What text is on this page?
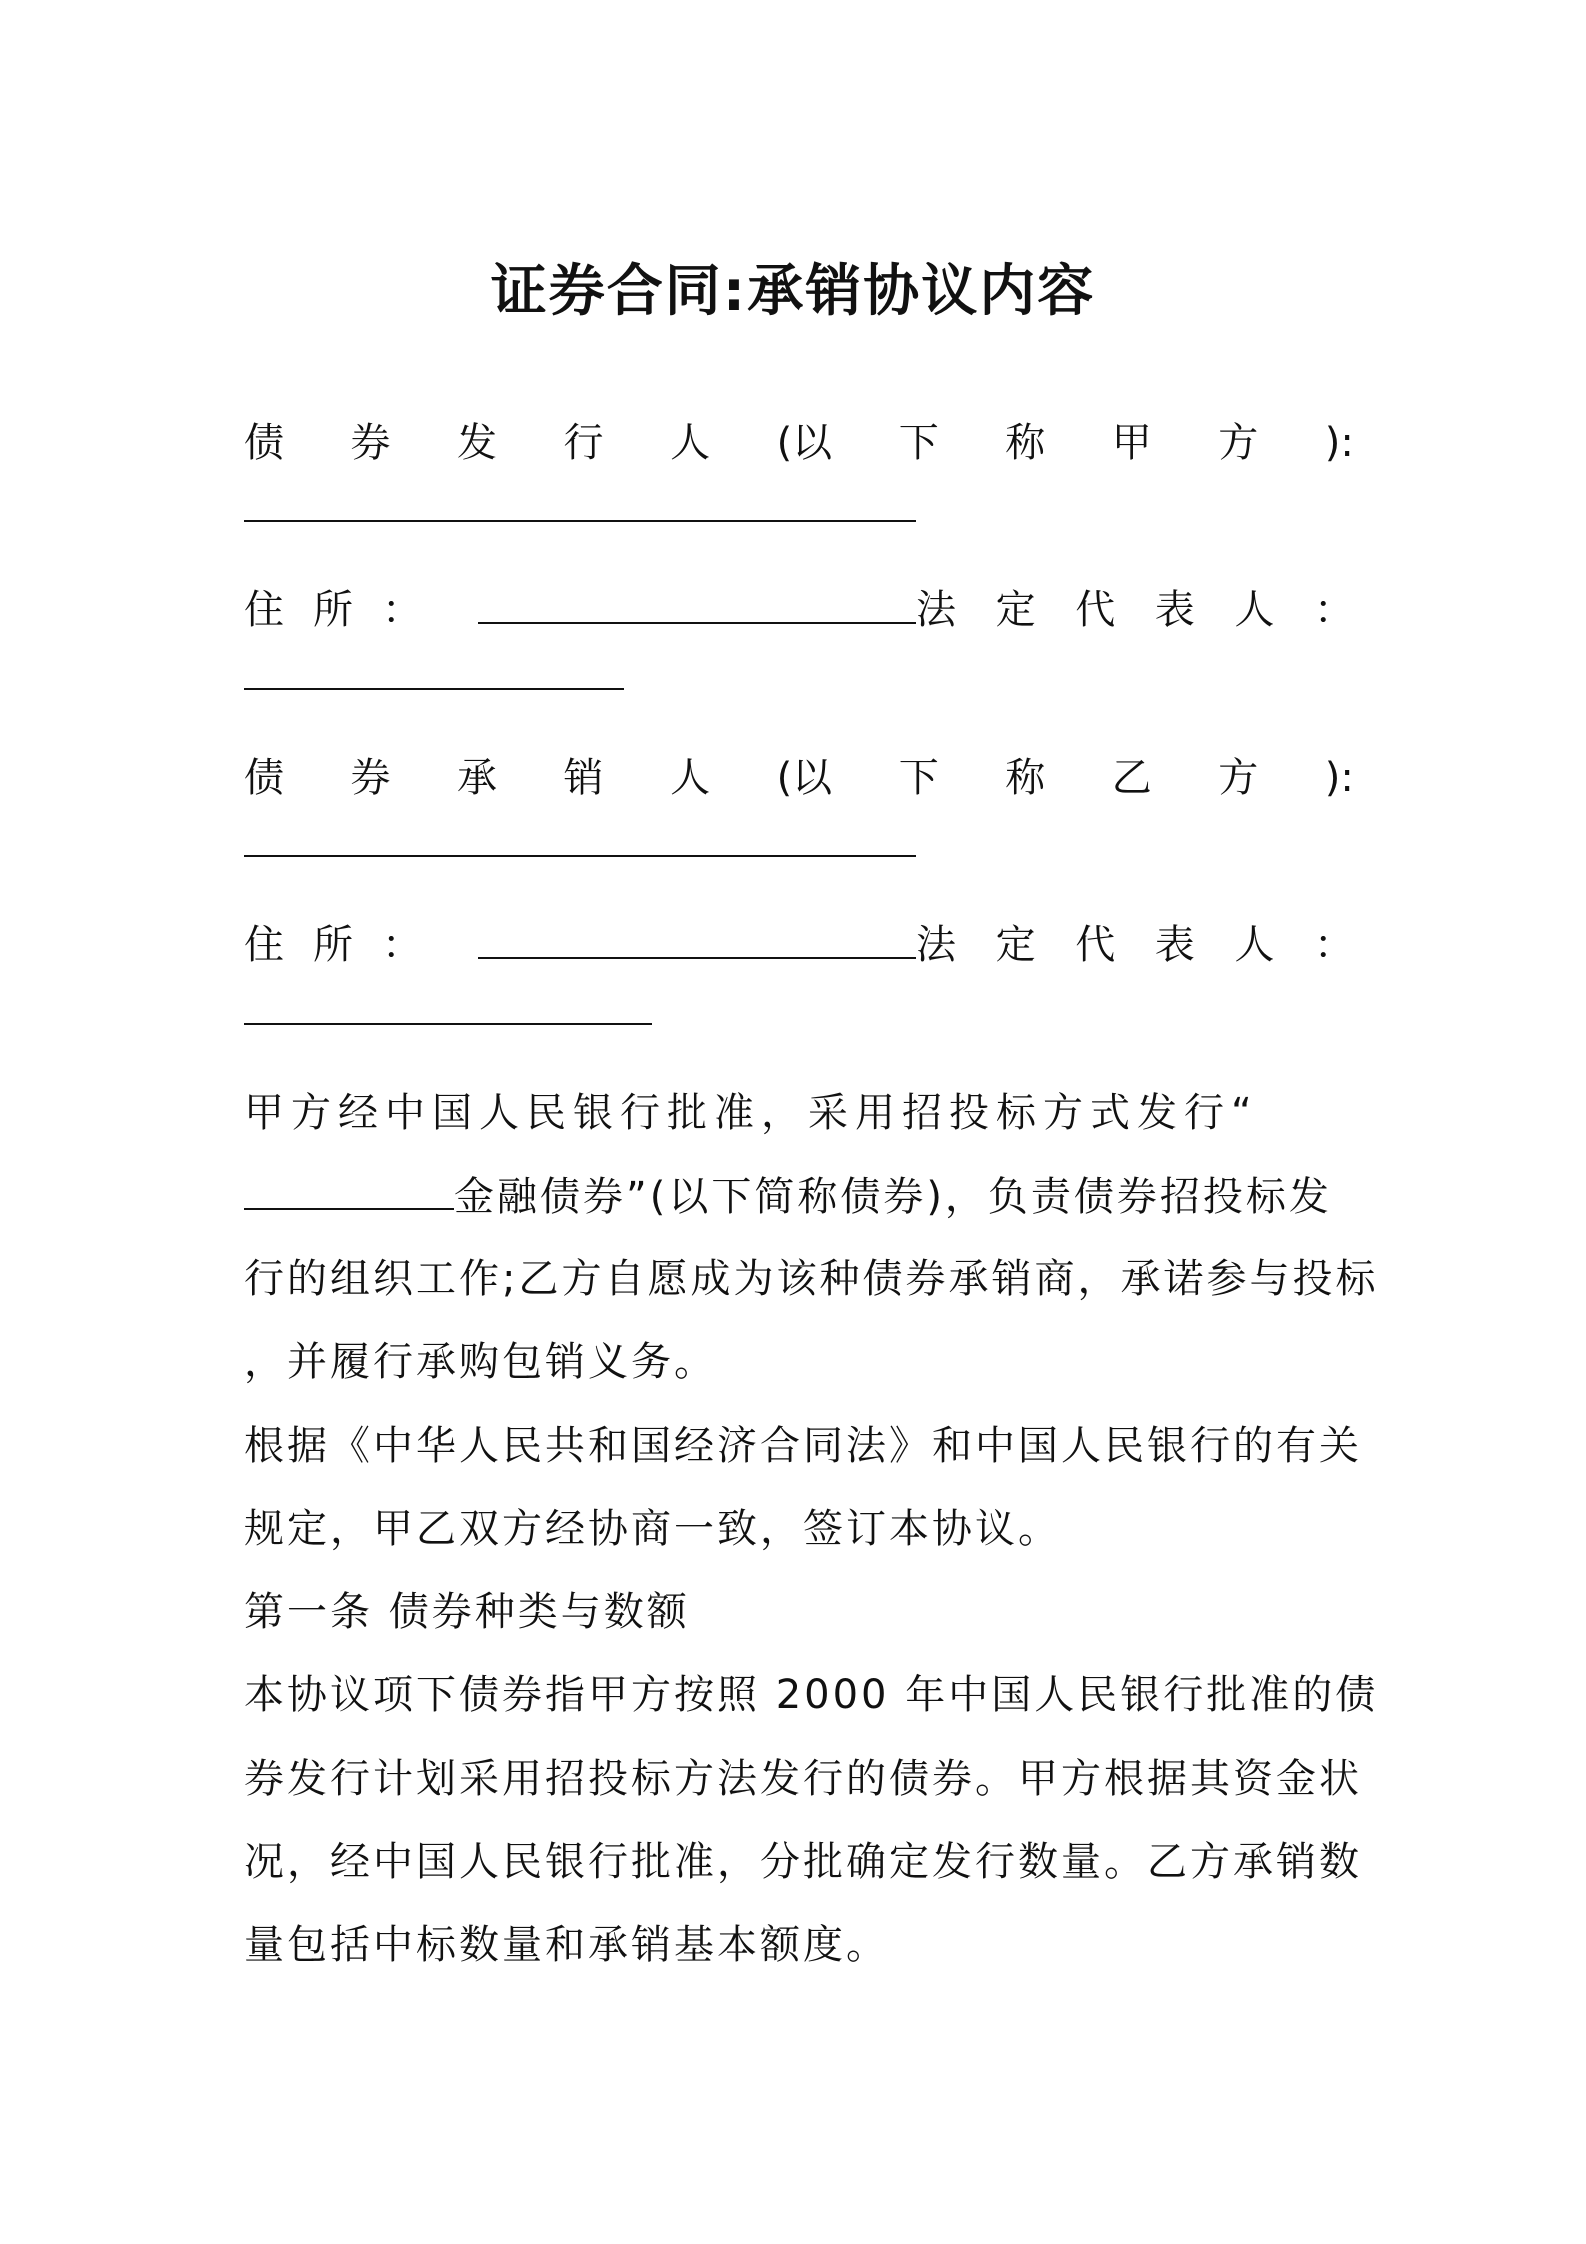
证券合同:承销协议内容
债 券 发 行 人 (以 下 称 甲 方 ):
住 所 ：	法 定 代 表 人 ：
债 券 承 销 人 (以 下 称 乙 方 ):
住 所 ：	法 定 代 表 人 ：
甲方经中国人民银行批准，采用招投标方式发行“
金融债券”(以下简称债券)，负责债券招投标发
行的组织工作;乙方自愿成为该种债券承销商，承诺参与投标
，并履行承购包销义务。
根据《中华人民共和国经济合同法》和中国人民银行的有关
规定，甲乙双方经协商一致，签订本协议。
第一条 债券种类与数额
本协议项下债券指甲方按照 2000 年中国人民银行批准的债
券发行计划采用招投标方法发行的债券。甲方根据其资金状
况，经中国人民银行批准，分批确定发行数量。乙方承销数
量包括中标数量和承销基本额度。
